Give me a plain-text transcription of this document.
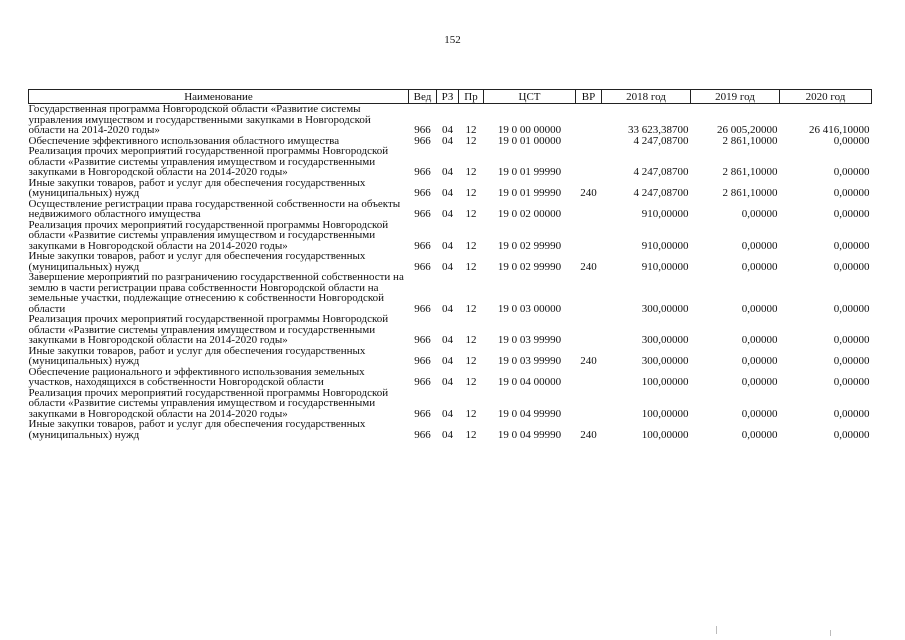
152
Наименование	Вед	РЗ	Пр	ЦСТ	ВР	2018 год	2019 год	2020 год
Государственная программа Новгородской области «Развитие системы управления имуществом и государственными закупками в Новгородской области на 2014-2020 годы»	966	04	12	19 0 00 00000		33 623,38700	26 005,20000	26 416,10000
Обеспечение эффективного использования областного имущества	966	04	12	19 0 01 00000		4 247,08700	2 861,10000	0,00000
Реализация прочих мероприятий государственной программы Новгородской области «Развитие системы управления имуществом и государственными закупками в Новгородской области на 2014-2020 годы»	966	04	12	19 0 01 99990		4 247,08700	2 861,10000	0,00000
Иные закупки товаров, работ и услуг для обеспечения государственных (муниципальных) нужд	966	04	12	19 0 01 99990	240	4 247,08700	2 861,10000	0,00000
Осуществление регистрации права государственной собственности на объекты недвижимого областного имущества	966	04	12	19 0 02 00000		910,00000	0,00000	0,00000
Реализация прочих мероприятий государственной программы Новгородской области «Развитие системы управления имуществом и государственными закупками в Новгородской области на 2014-2020 годы»	966	04	12	19 0 02 99990		910,00000	0,00000	0,00000
Иные закупки товаров, работ и услуг для обеспечения государственных (муниципальных) нужд	966	04	12	19 0 02 99990	240	910,00000	0,00000	0,00000
Завершение мероприятий по разграничению государственной собственности на землю в части регистрации права собственности Новгородской области на земельные участки, подлежащие отнесению к собственности Новгородской области	966	04	12	19 0 03 00000		300,00000	0,00000	0,00000
Реализация прочих мероприятий государственной программы Новгородской области «Развитие системы управления имуществом и государственными закупками в Новгородской области на 2014-2020 годы»	966	04	12	19 0 03 99990		300,00000	0,00000	0,00000
Иные закупки товаров, работ и услуг для обеспечения государственных (муниципальных) нужд	966	04	12	19 0 03 99990	240	300,00000	0,00000	0,00000
Обеспечение рационального и эффективного использования земельных участков, находящихся в собственности Новгородской области	966	04	12	19 0 04 00000		100,00000	0,00000	0,00000
Реализация прочих мероприятий государственной программы Новгородской области «Развитие системы управления имуществом и государственными закупками в Новгородской области на 2014-2020 годы»	966	04	12	19 0 04 99990		100,00000	0,00000	0,00000
Иные закупки товаров, работ и услуг для обеспечения государственных (муниципальных) нужд	966	04	12	19 0 04 99990	240	100,00000	0,00000	0,00000
